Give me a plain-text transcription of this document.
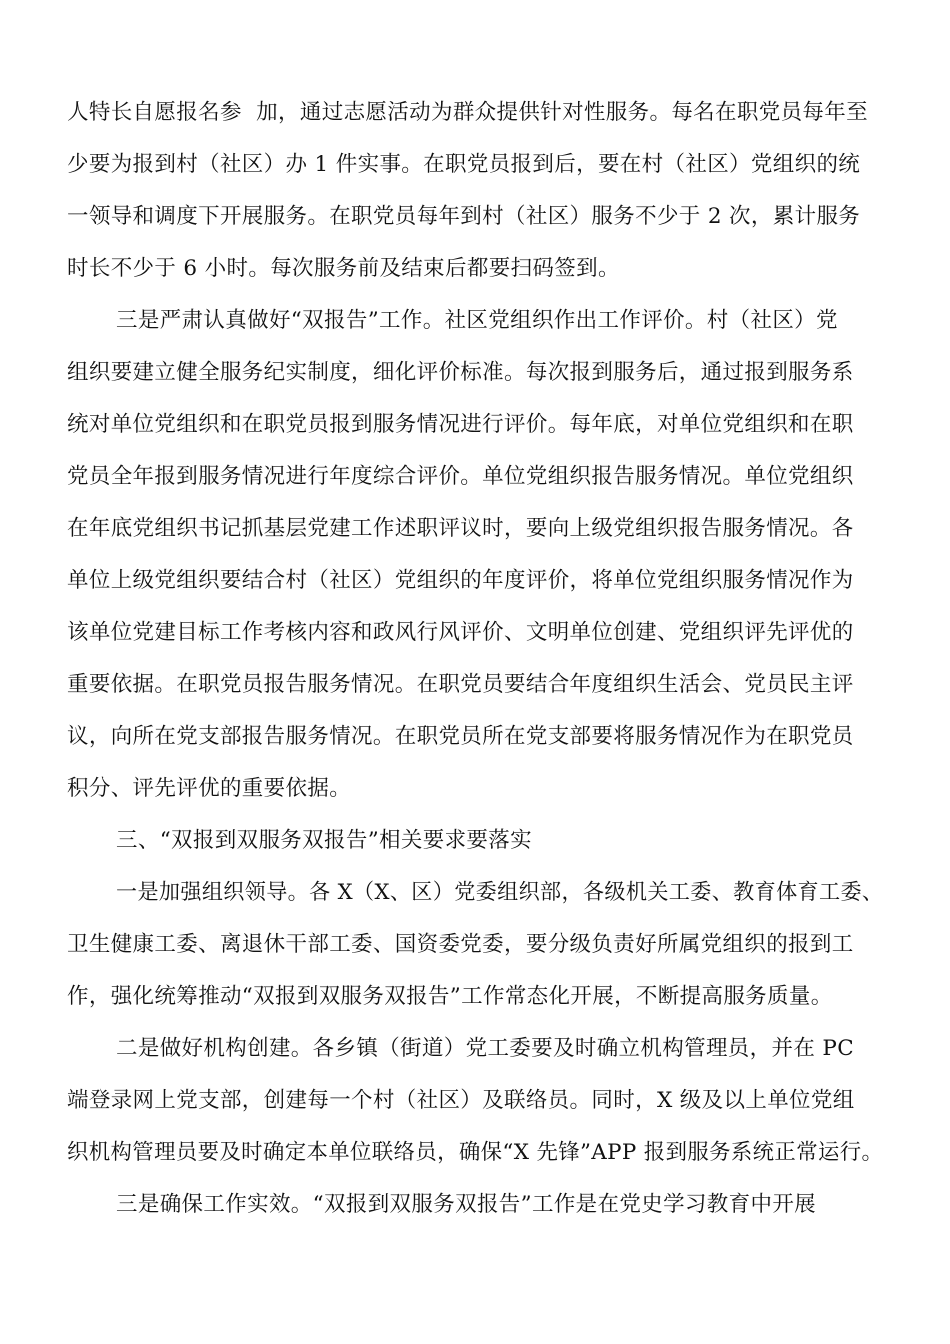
人特长自愿报名参  加，通过志愿活动为群众提供针对性服务。每名在职党员每年至
少要为报到村（社区）办 1 件实事。在职党员报到后，要在村（社区）党组织的统
一领导和调度下开展服务。在职党员每年到村（社区）服务不少于 2 次，累计服务
时长不少于 6 小时。每次服务前及结束后都要扫码签到。
三是严肃认真做好“双报告”工作。社区党组织作出工作评价。村（社区）党
组织要建立健全服务纪实制度，细化评价标准。每次报到服务后，通过报到服务系
统对单位党组织和在职党员报到服务情况进行评价。每年底，对单位党组织和在职
党员全年报到服务情况进行年度综合评价。单位党组织报告服务情况。单位党组织
在年底党组织书记抓基层党建工作述职评议时，要向上级党组织报告服务情况。各
单位上级党组织要结合村（社区）党组织的年度评价，将单位党组织服务情况作为
该单位党建目标工作考核内容和政风行风评价、文明单位创建、党组织评先评优的
重要依据。在职党员报告服务情况。在职党员要结合年度组织生活会、党员民主评
议，向所在党支部报告服务情况。在职党员所在党支部要将服务情况作为在职党员
积分、评先评优的重要依据。
三、“双报到双服务双报告”相关要求要落实
一是加强组织领导。各 X（X、区）党委组织部，各级机关工委、教育体育工委、
卫生健康工委、离退休干部工委、国资委党委，要分级负责好所属党组织的报到工
作，强化统筹推动“双报到双服务双报告”工作常态化开展，不断提高服务质量。
二是做好机构创建。各乡镇（街道）党工委要及时确立机构管理员，并在 PC
端登录网上党支部，创建每一个村（社区）及联络员。同时，X 级及以上单位党组
织机构管理员要及时确定本单位联络员，确保“X 先锋”APP 报到服务系统正常运行。
三是确保工作实效。“双报到双服务双报告”工作是在党史学习教育中开展
